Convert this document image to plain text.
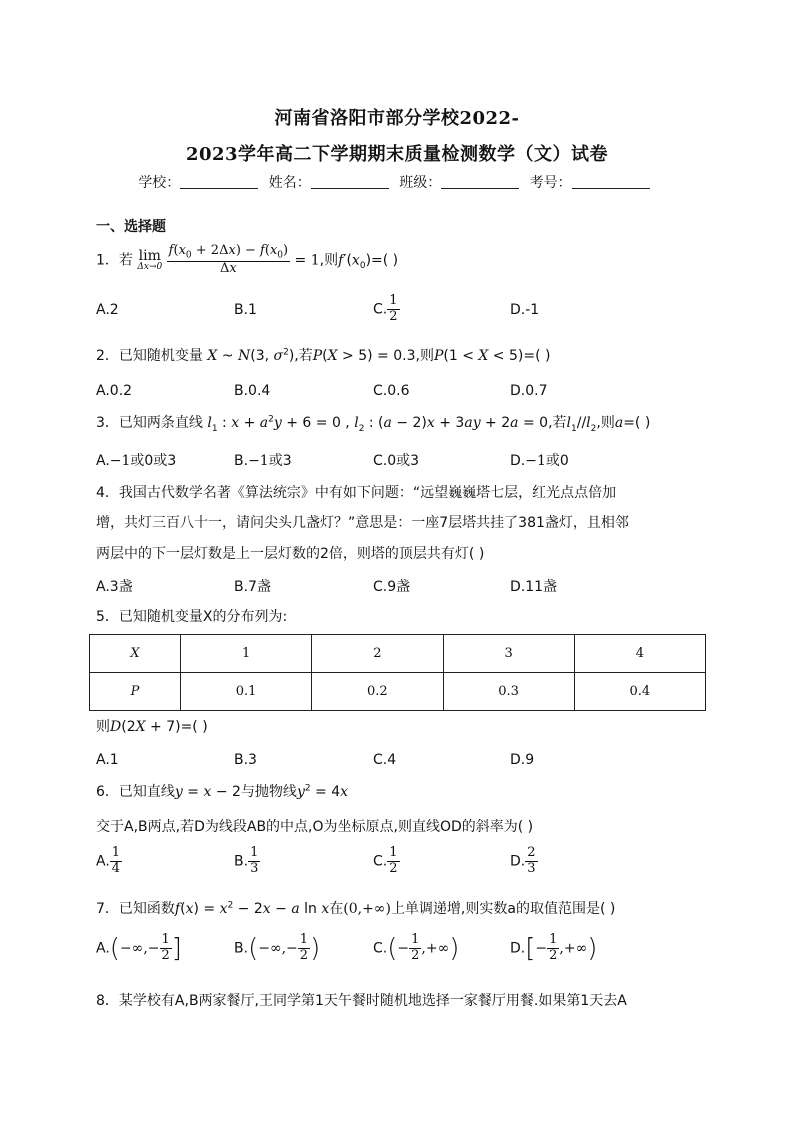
河南省洛阳市部分学校2022-
2023学年高二下学期期末质量检测数学（文）试卷
学校：	姓名：	班级：	考号：
一、选择题
1．若 lim
Δx→0
$\frac{f(x_0 + 2\Delta x) - f(x_0)}{\Delta x} = 1$,则$f'(x_0)=$( )
A.2	B.1	C. $\frac{1}{2}$	D.-1
2．已知随机变量 X ~ N(3, $\sigma^2$),若P(X > 5) = 0.3,则P(1 < X < 5)=( )
A.0.2	B.0.4	C.0.6	D.0.7
3．已知两条直线 $l_1$ : $x + a^2y + 6 = 0$ , $l_2$ : (a − 2)x + 3ay + 2a = 0,若$l_1//l_2$,则a=( )
A.−1或0或3	B.−1或3	C.0或3	D.−1或0
4．我国古代数学名著《算法统宗》中有如下问题：“远望巍巍塔七层，红光点点倍加
增，共灯三百八十一，请问尖头几盏灯？”意思是：一座7层塔共挂了381盏灯，且相邻
两层中的下一层灯数是上一层灯数的2倍，则塔的顶层共有灯( )
A.3盏	B.7盏	C.9盏	D.11盏
5．已知随机变量X的分布列为:
X	1	2	3	4
P	0.1	0.2	0.3	0.4
则D(2X + 7)=( )
A.1	B.3	C.4	D.9
6．已知直线y = x − 2与抛物线$y^2 = 4x$
交于A,B两点,若D为线段AB的中点,O为坐标原点,则直线OD的斜率为( )
A. $\frac{1}{4}$	B. $\frac{1}{3}$	C. $\frac{1}{2}$	D. $\frac{2}{3}$
7．已知函数$f(x) = x^2 - 2x - a$ ln x在(0,+∞)上单调递增,则实数a的取值范围是( )
$A.(-\infty,- \frac{1}{2}$ ]	$B.(-\infty,- \frac{1}{2}$ )	$C.(- \frac{1}{2}$ ,+∞)	$D.[- \frac{1}{2}$ ,+∞)
8．某学校有A,B两家餐厅,王同学第1天午餐时随机地选择一家餐厅用餐.如果第1天去A
